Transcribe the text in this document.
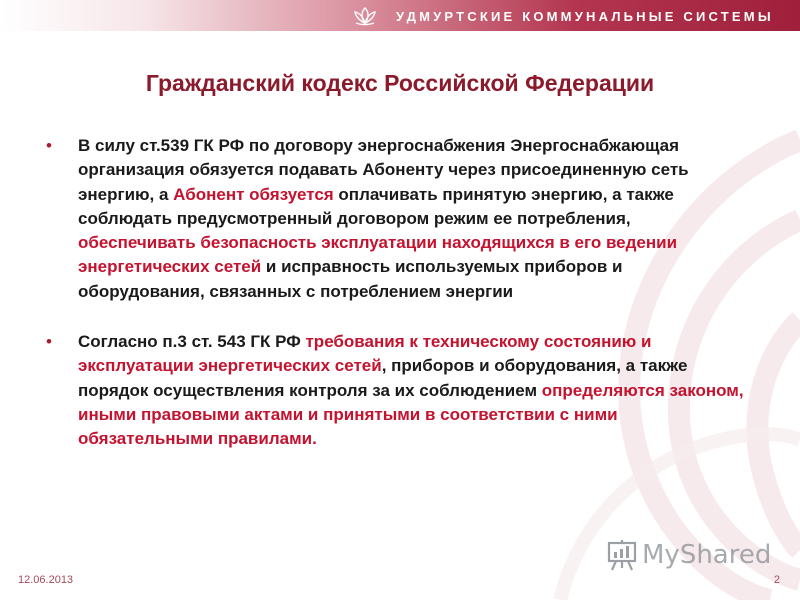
УДМУРТСКИЕ КОММУНАЛЬНЫЕ СИСТЕМЫ
Гражданский кодекс Российской Федерации
•	В силу ст.539 ГК РФ по договору энергоснабжения Энергоснабжающая организация обязуется подавать Абоненту через присоединенную сеть энергию, а Абонент обязуется оплачивать принятую энергию, а также соблюдать предусмотренный договором режим ее потребления, обеспечивать безопасность эксплуатации находящихся в его ведении энергетических сетей и исправность используемых приборов и оборудования, связанных с потреблением энергии
•	Согласно п.3 ст. 543 ГК РФ требования к техническому состоянию и эксплуатации энергетических сетей, приборов и оборудования, а также порядок осуществления контроля за их соблюдением определяются законом, иными правовыми актами и принятыми в соответствии с ними обязательными правилами.
12.06.2013	2
MyShared
